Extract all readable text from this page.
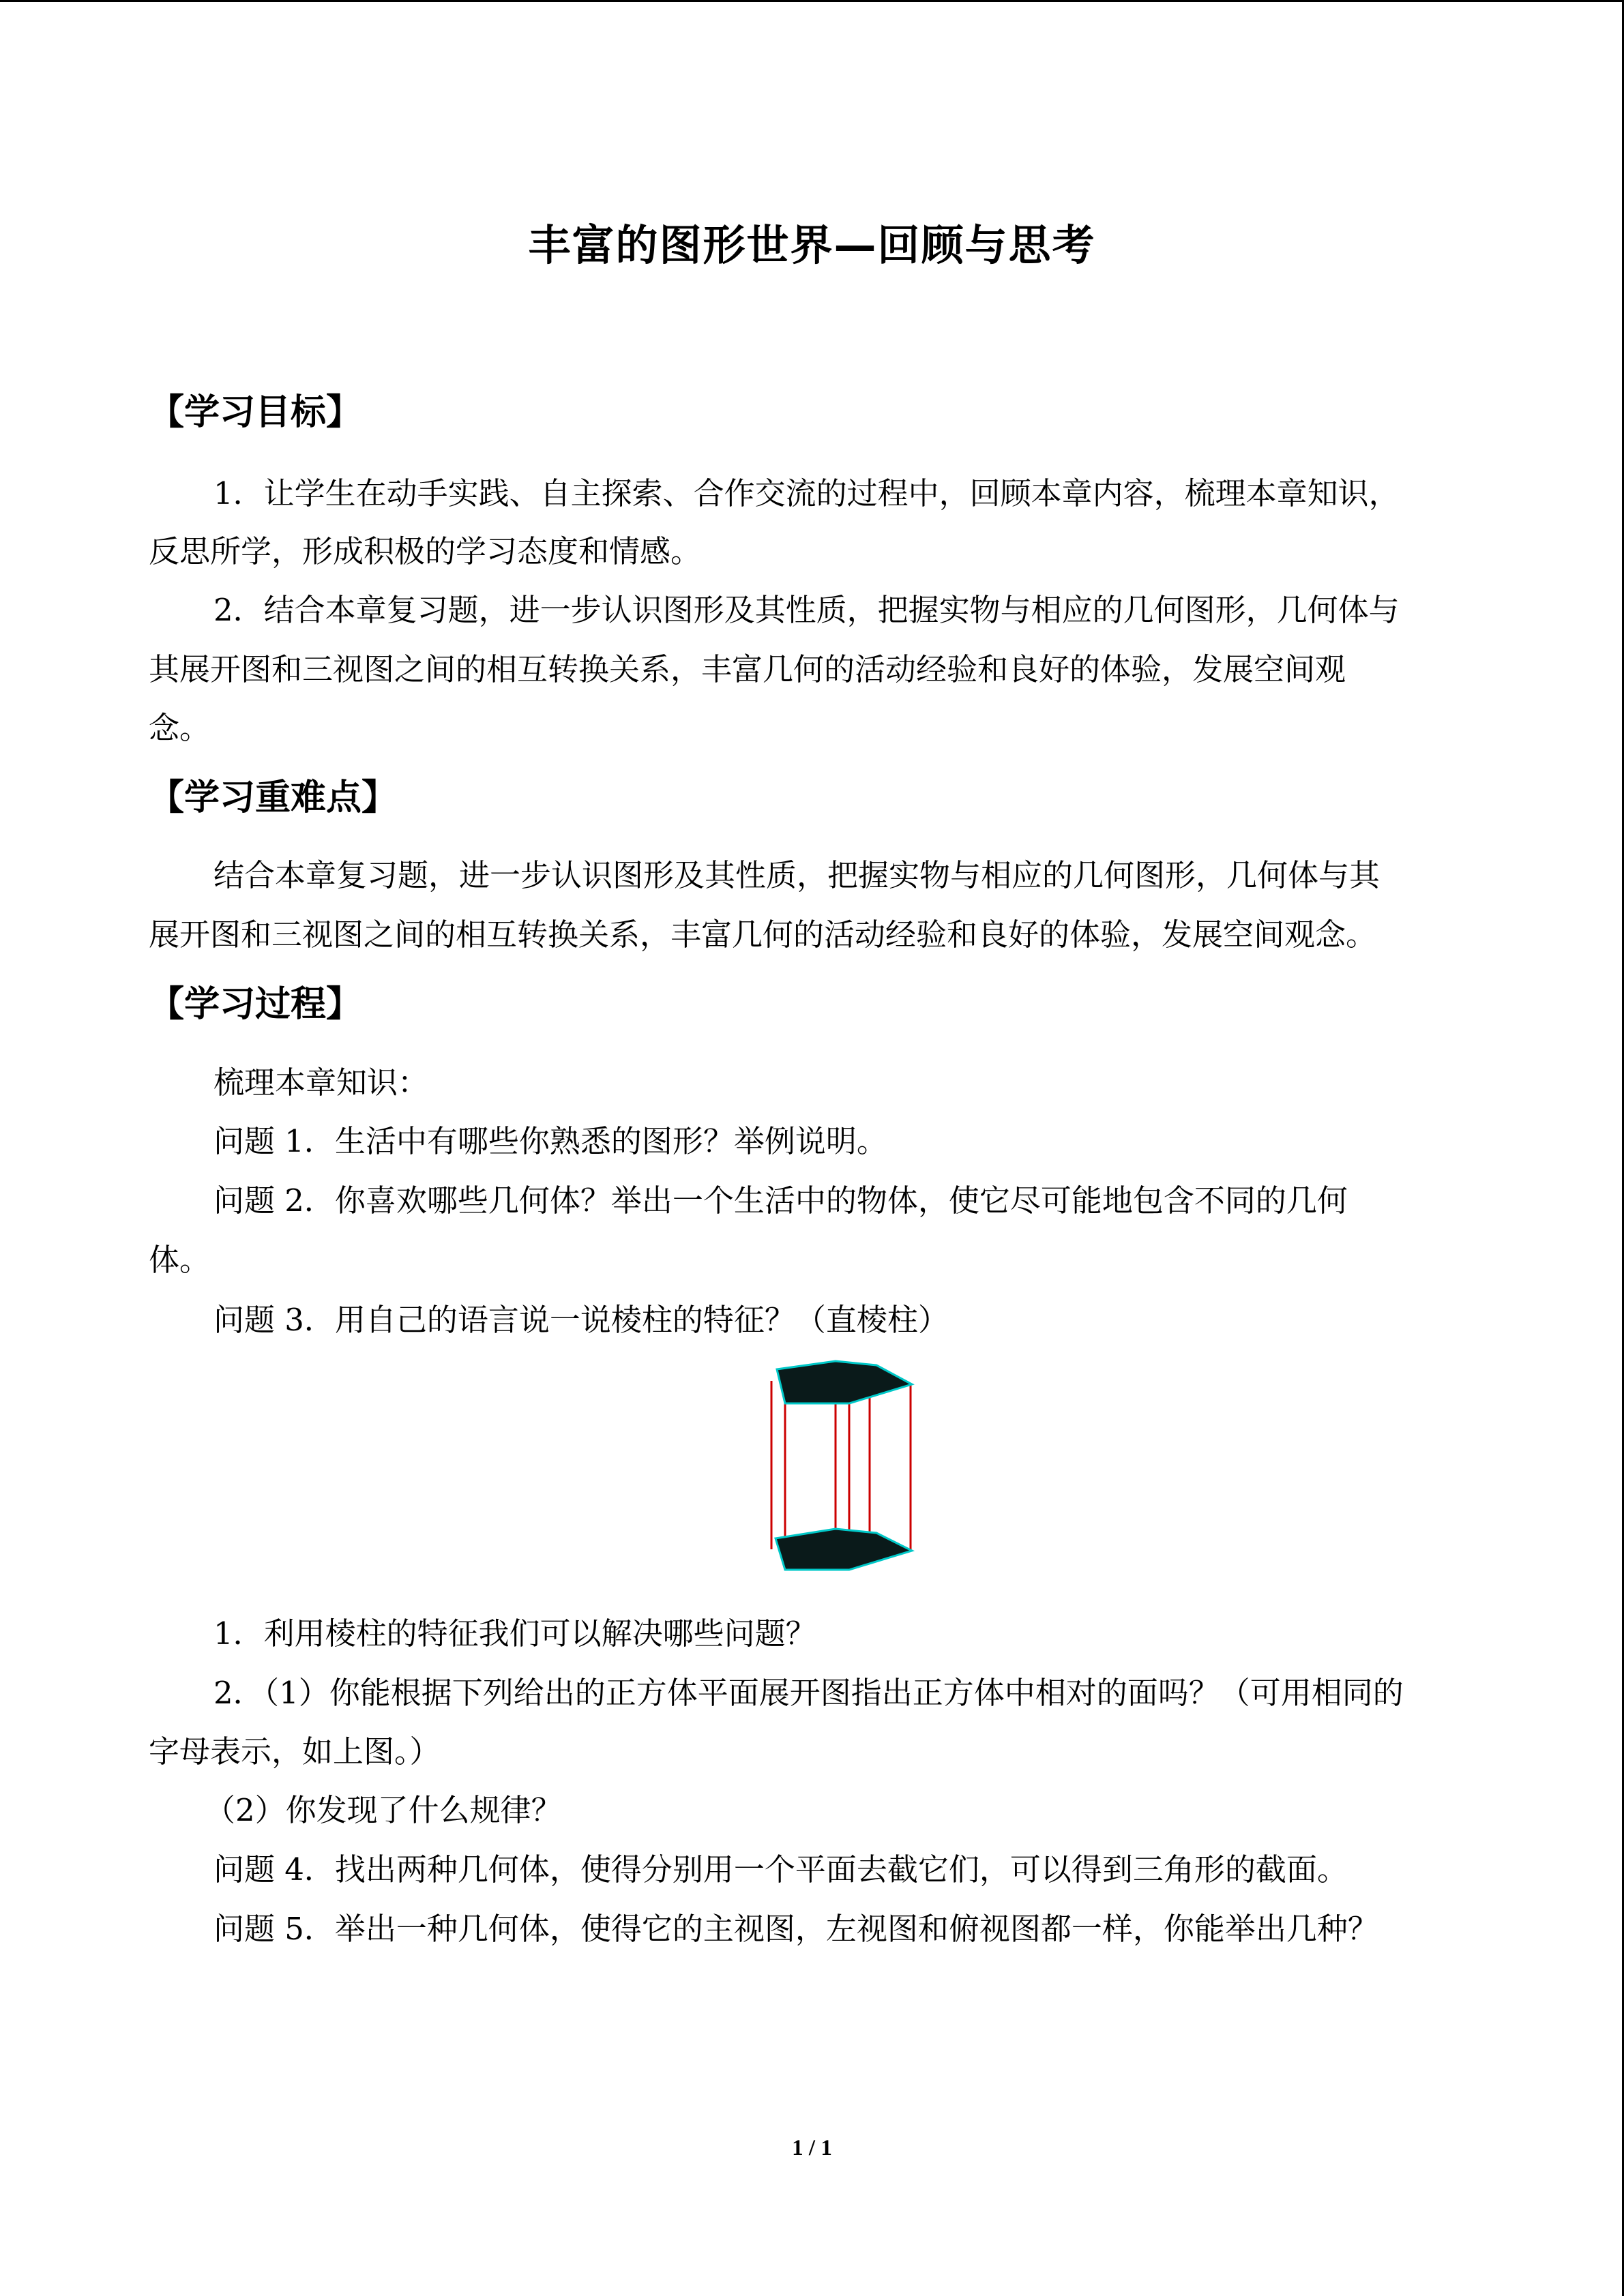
丰富的图形世界—回顾与思考
【学习目标】
1．让学生在动手实践、自主探索、合作交流的过程中，回顾本章内容，梳理本章知识，
反思所学，形成积极的学习态度和情感。
2．结合本章复习题，进一步认识图形及其性质，把握实物与相应的几何图形，几何体与
其展开图和三视图之间的相互转换关系，丰富几何的活动经验和良好的体验，发展空间观
念。
【学习重难点】
结合本章复习题，进一步认识图形及其性质，把握实物与相应的几何图形，几何体与其
展开图和三视图之间的相互转换关系，丰富几何的活动经验和良好的体验，发展空间观念。
【学习过程】
梳理本章知识：
问题 1．生活中有哪些你熟悉的图形？举例说明。
问题 2．你喜欢哪些几何体？举出一个生活中的物体，使它尽可能地包含不同的几何
体。
问题 3．用自己的语言说一说棱柱的特征？（直棱柱）
1．利用棱柱的特征我们可以解决哪些问题？
2．（1）你能根据下列给出的正方体平面展开图指出正方体中相对的面吗？（可用相同的
字母表示，如上图。）
（2）你发现了什么规律？
问题 4．找出两种几何体，使得分别用一个平面去截它们，可以得到三角形的截面。
问题 5．举出一种几何体，使得它的主视图，左视图和俯视图都一样，你能举出几种？
1 / 1
